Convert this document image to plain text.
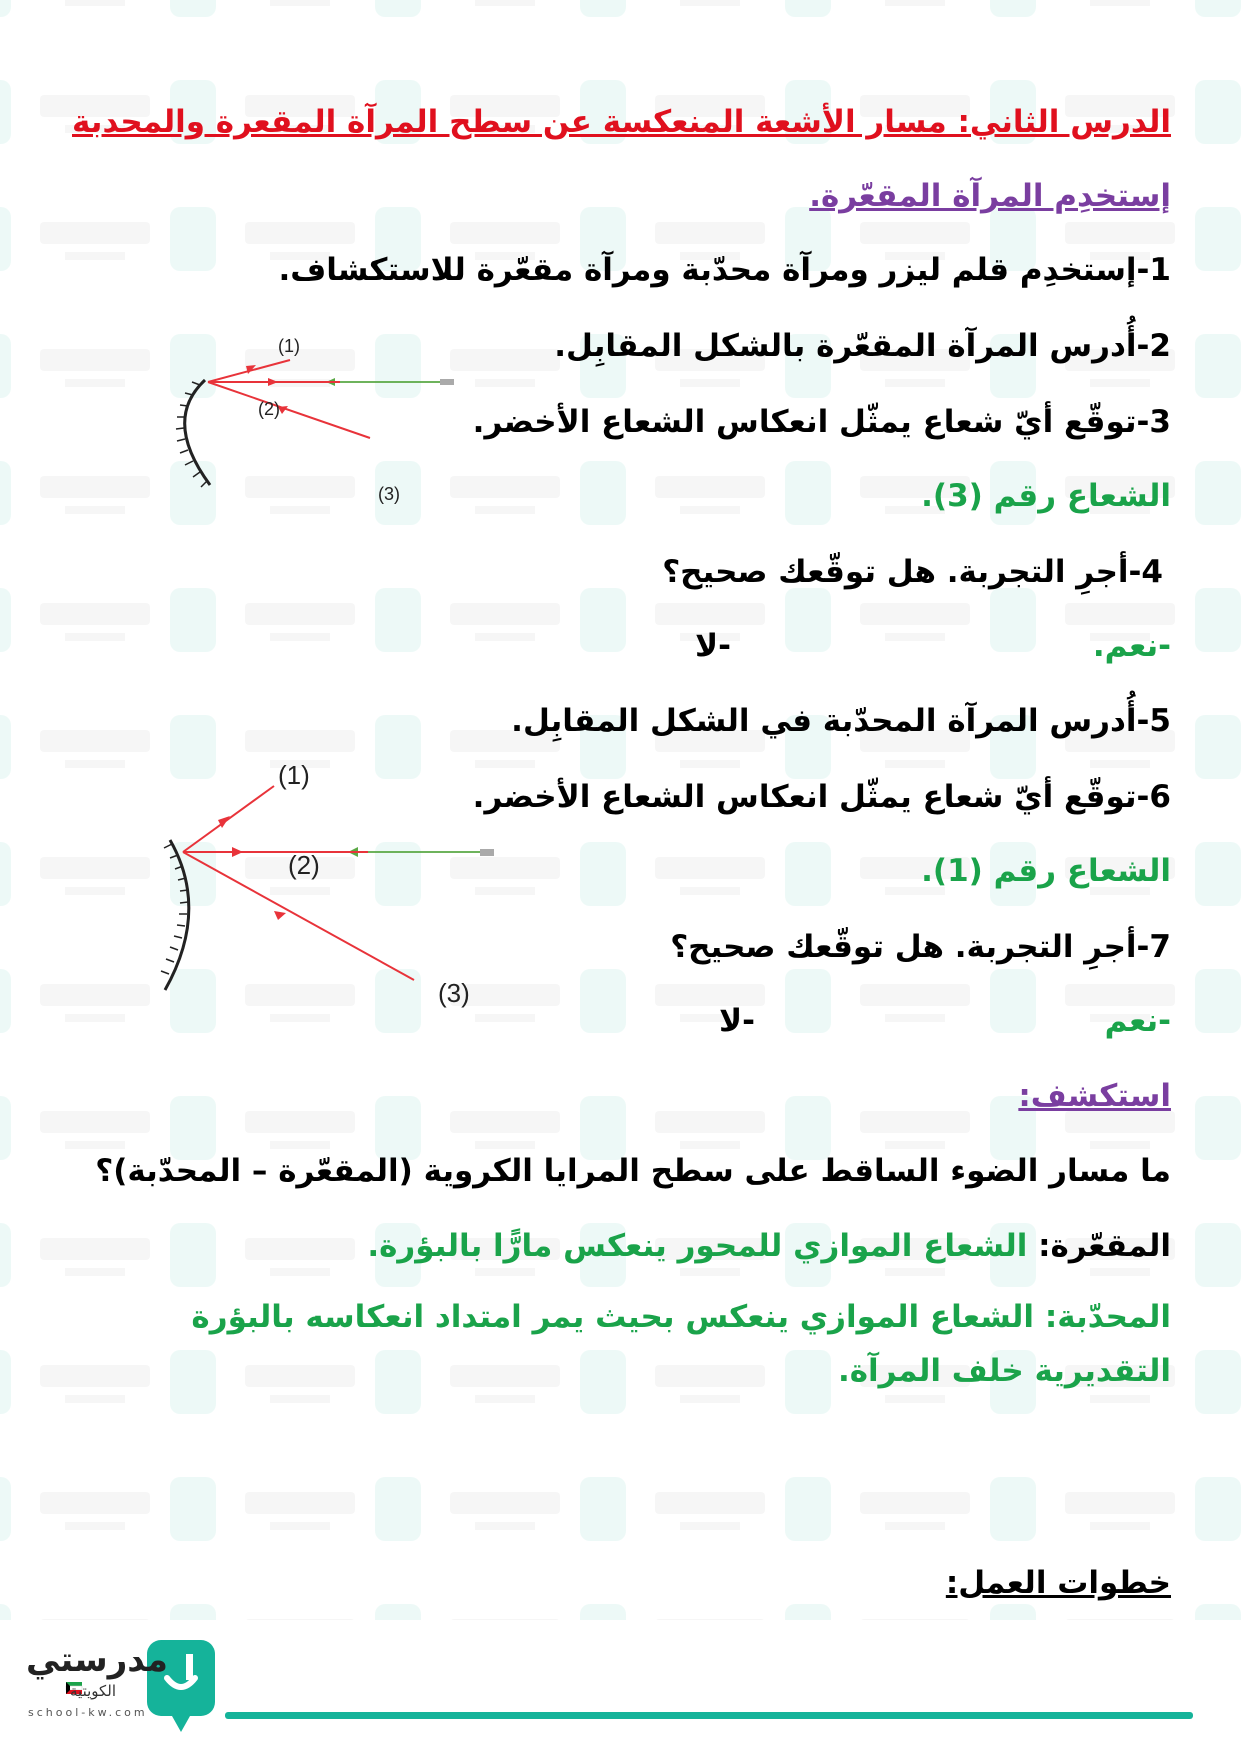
الدرس الثاني: مسار الأشعة المنعكسة عن سطح المرآة المقعرة والمحدبة
إستخدِم المرآة المقعّرة.
1-إستخدِم قلم ليزر ومرآة محدّبة ومرآة مقعّرة للاستكشاف.
2-أُدرس المرآة المقعّرة بالشكل المقابِل.
3-توقّع أيّ شعاع يمثّل انعكاس الشعاع الأخضر.
الشعاع رقم (3).
4-أجرِ التجربة. هل توقّعك صحيح؟
-نعم.
-لا
5-أُدرس المرآة المحدّبة في الشكل المقابِل.
6-توقّع أيّ شعاع يمثّل انعكاس الشعاع الأخضر.
الشعاع رقم (1).
7-أجرِ التجربة. هل توقّعك صحيح؟
-نعم
-لا
استكشف:
ما مسار الضوء الساقط على سطح المرايا الكروية (المقعّرة – المحدّبة)؟
المقعّرة: الشعاع الموازي للمحور ينعكس مارًّا بالبؤرة.
المحدّبة: الشعاع الموازي ينعكس بحيث يمر امتداد انعكاسه بالبؤرة التقديرية خلف المرآة.
خطوات العمل:
(1)
(2)
(3)
(1)
(2)
(3)
مدرستي
الكويتية
school-kw.com
